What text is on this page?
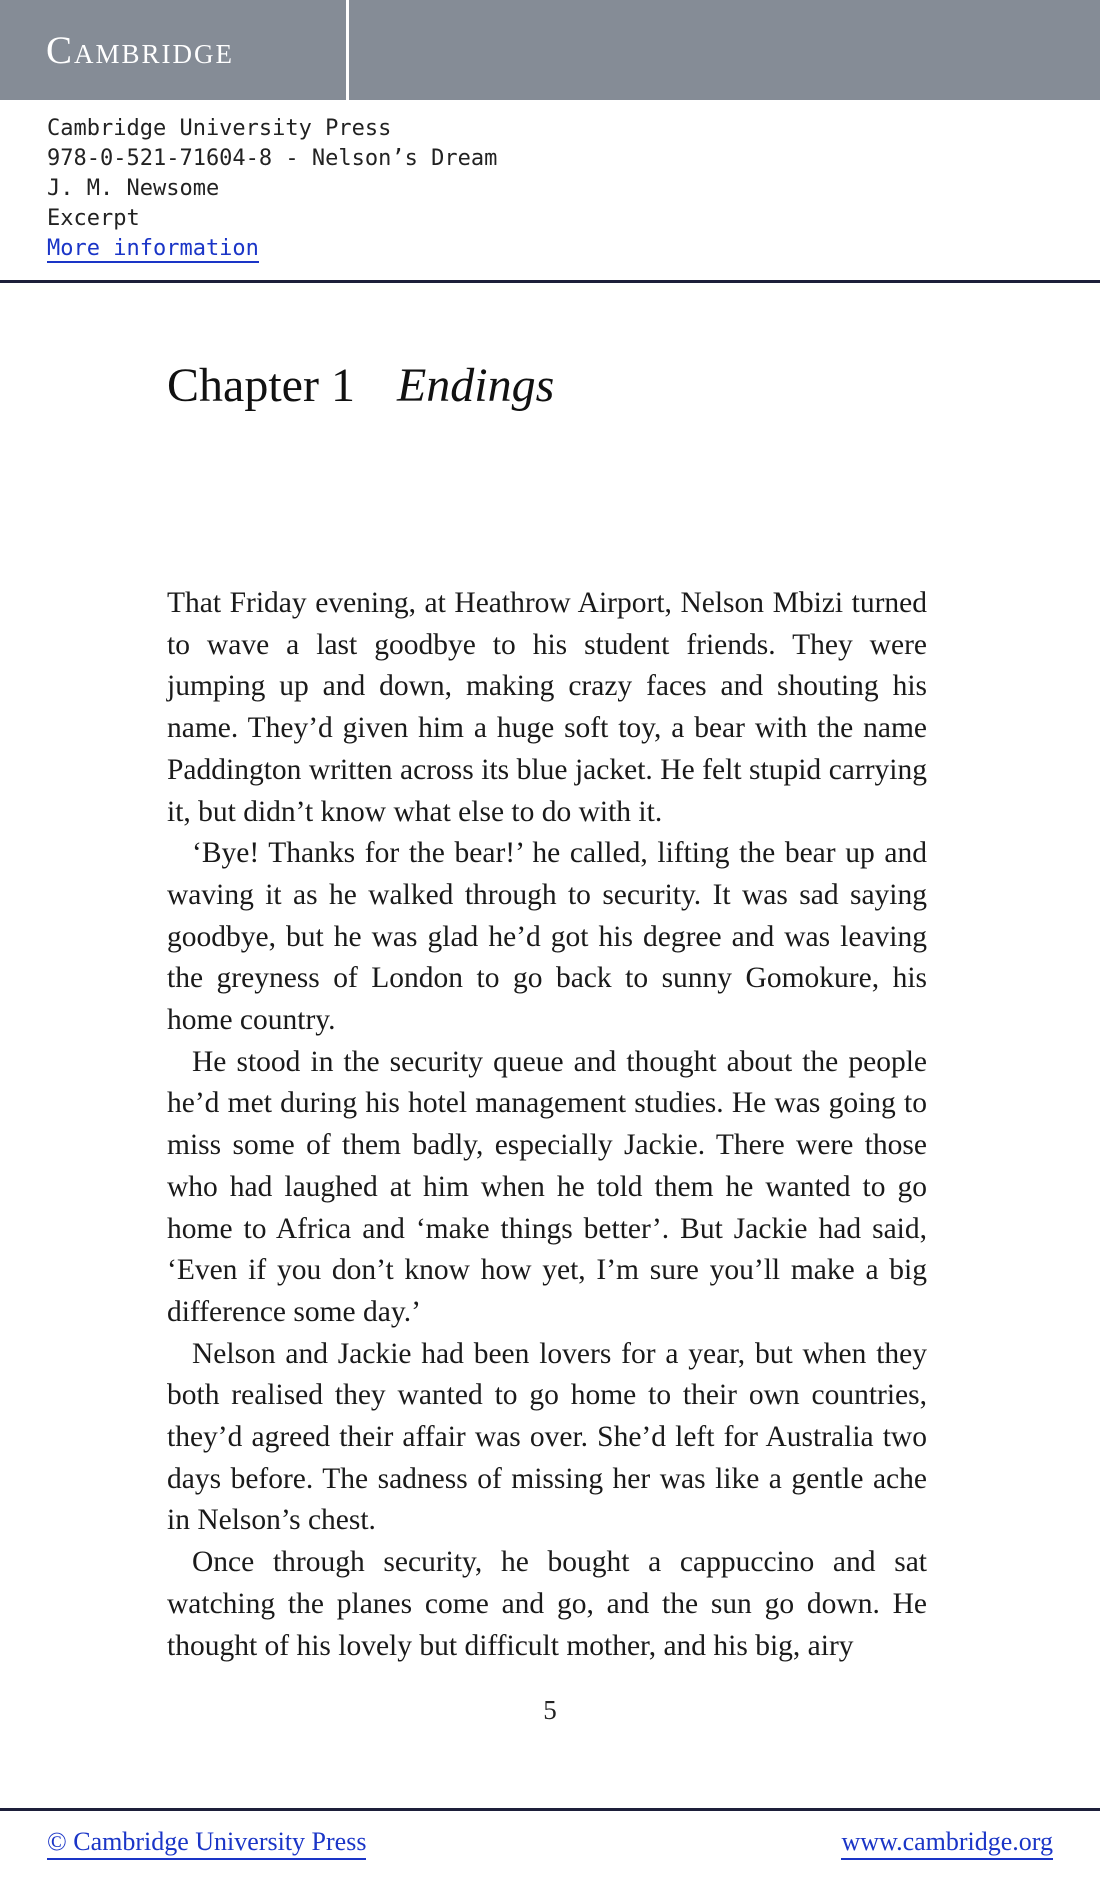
Cambridge
Cambridge University Press
978-0-521-71604-8 - Nelson’s Dream
J. M. Newsome
Excerpt
More information
Chapter 1 Endings

That Friday evening, at Heathrow Airport, Nelson Mbizi turned to wave a last goodbye to his student friends. They were jumping up and down, making crazy faces and shouting his name. They’d given him a huge soft toy, a bear with the name Paddington written across its blue jacket. He felt stupid carrying it, but didn’t know what else to do with it.

‘Bye! Thanks for the bear!’ he called, lifting the bear up and waving it as he walked through to security. It was sad saying goodbye, but he was glad he’d got his degree and was leaving the greyness of London to go back to sunny Gomokure, his home country.

He stood in the security queue and thought about the people he’d met during his hotel management studies. He was going to miss some of them badly, especially Jackie. There were those who had laughed at him when he told them he wanted to go home to Africa and ‘make things better’. But Jackie had said, ‘Even if you don’t know how yet, I’m sure you’ll make a big difference some day.’

Nelson and Jackie had been lovers for a year, but when they both realised they wanted to go home to their own countries, they’d agreed their affair was over. She’d left for Australia two days before. The sadness of missing her was like a gentle ache in Nelson’s chest.

Once through security, he bought a cappuccino and sat watching the planes come and go, and the sun go down. He thought of his lovely but difficult mother, and his big, airy

5
© Cambridge University Press	www.cambridge.org
